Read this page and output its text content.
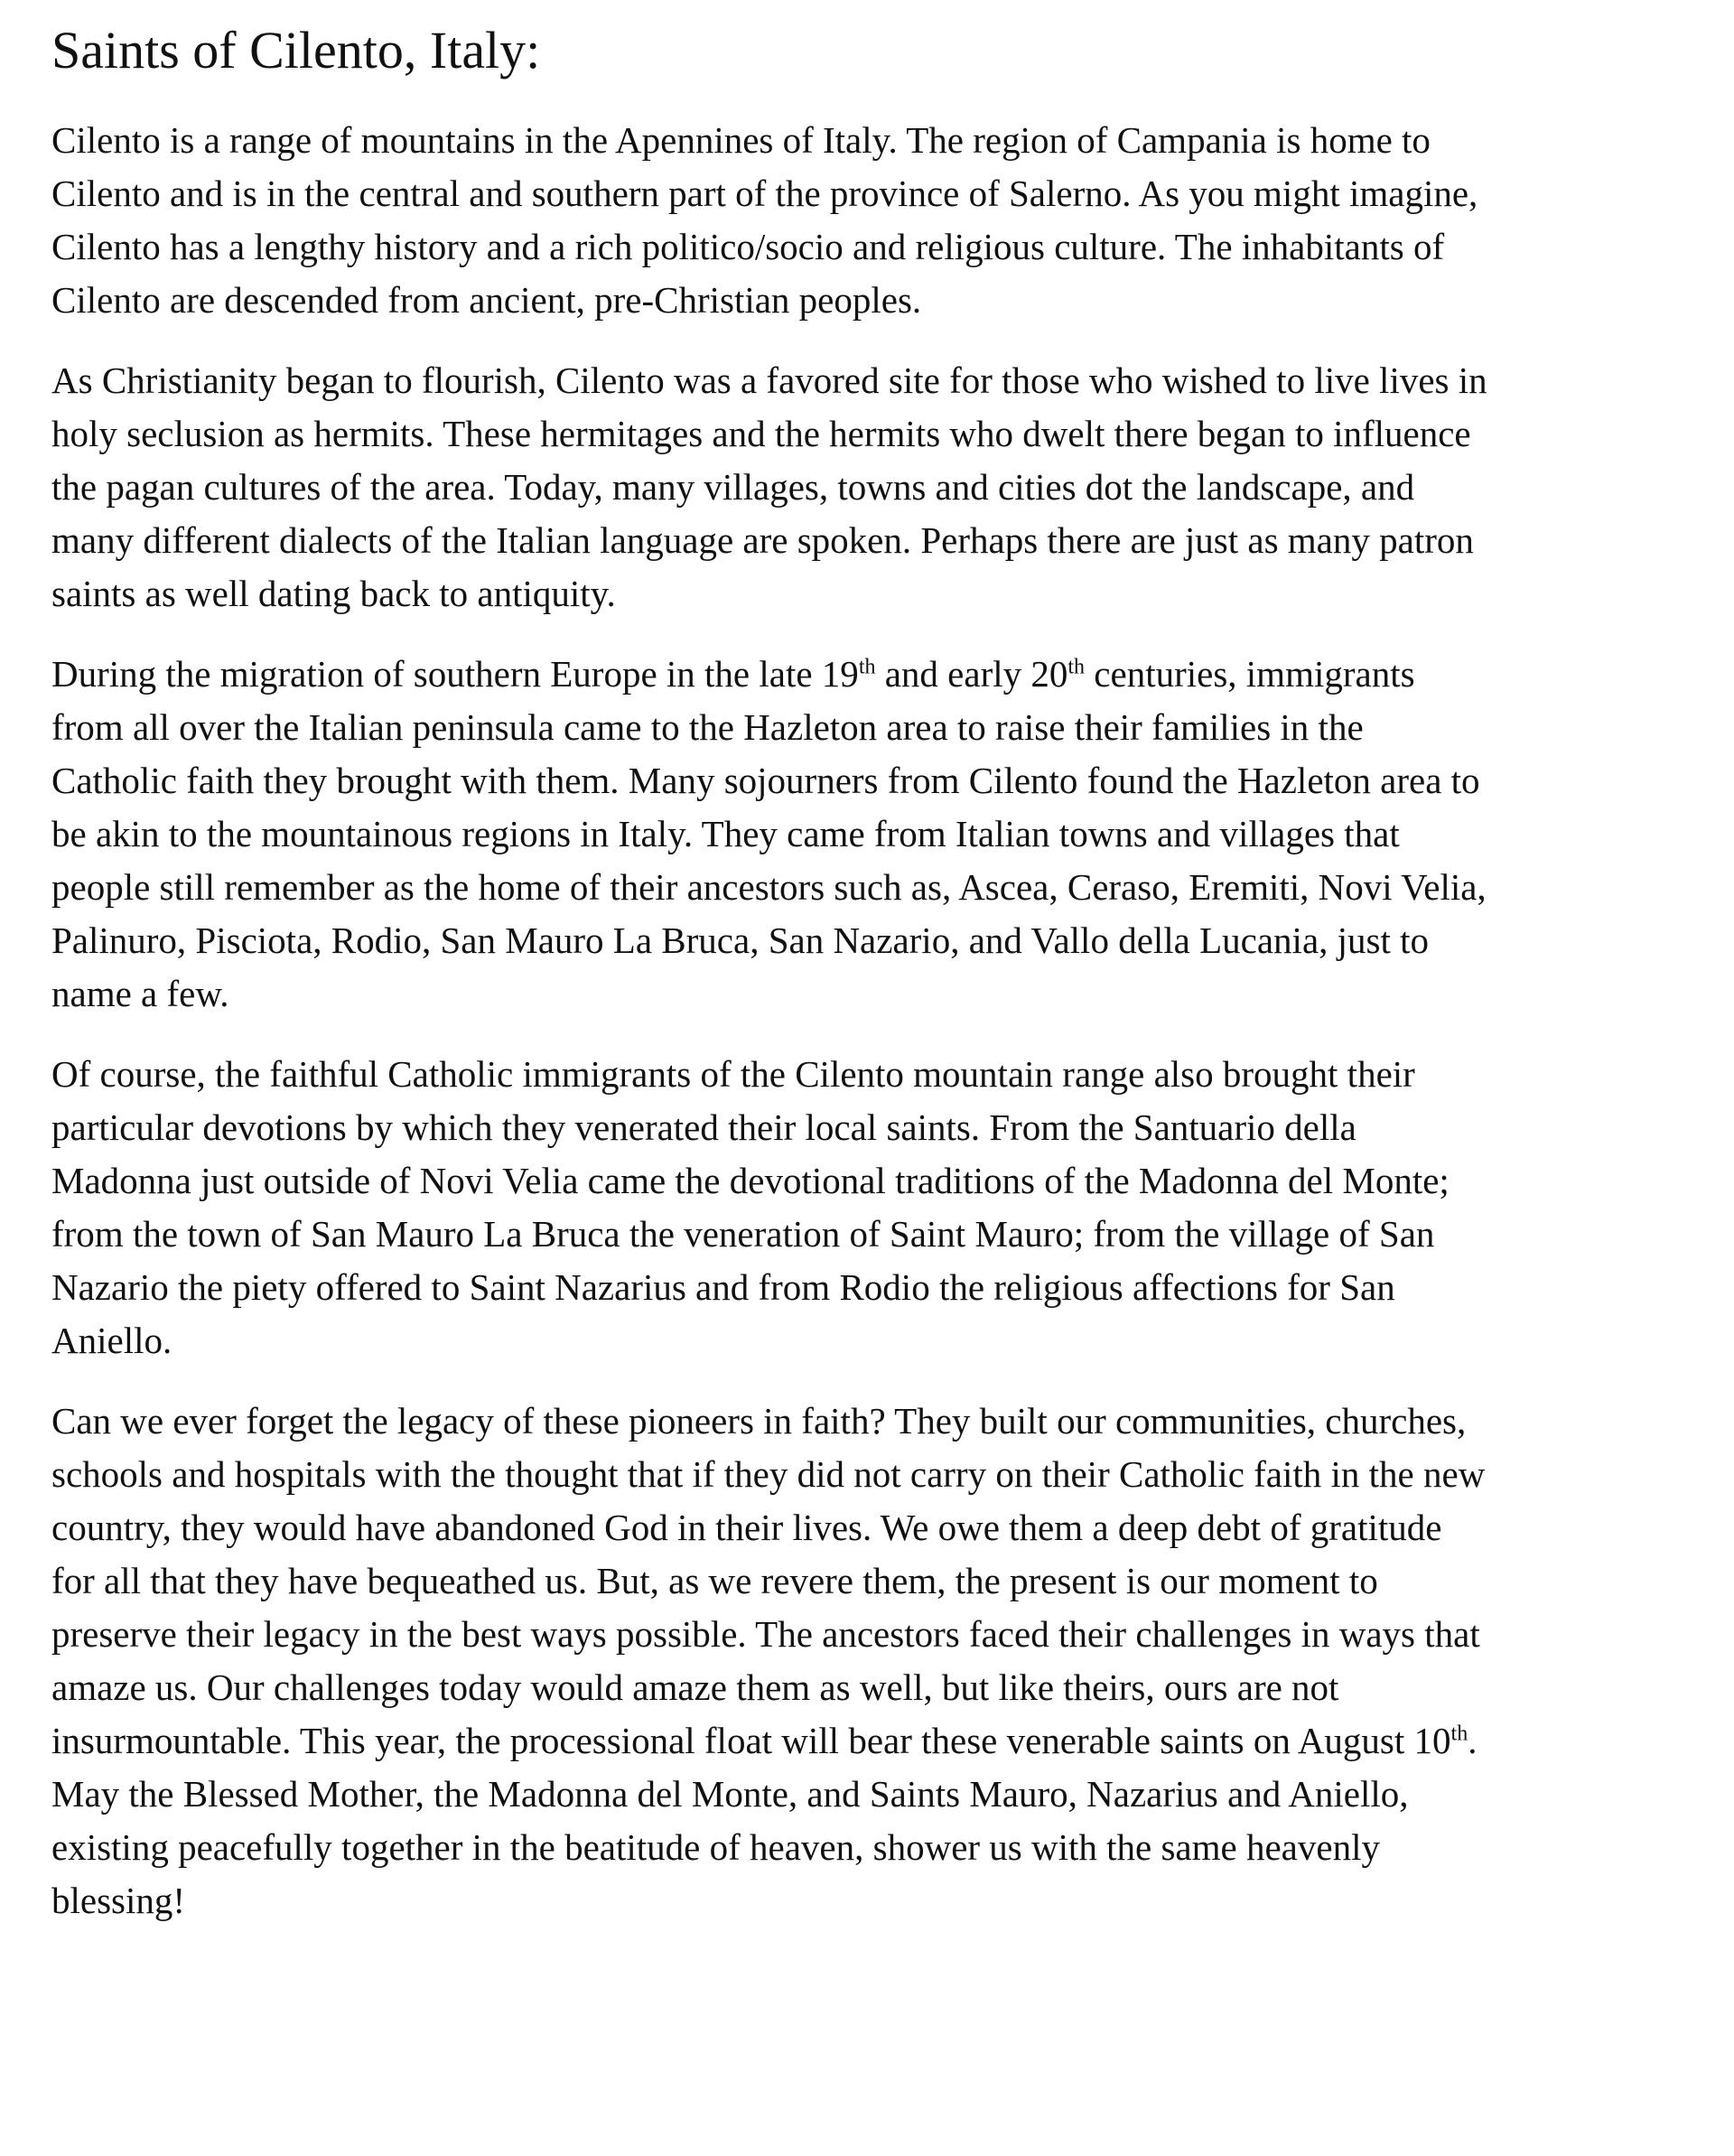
Saints of Cilento, Italy:
Cilento is a range of mountains in the Apennines of Italy. The region of Campania is home to
Cilento and is in the central and southern part of the province of Salerno. As you might imagine,
Cilento has a lengthy history and a rich politico/socio and religious culture. The inhabitants of
Cilento are descended from ancient, pre-Christian peoples.
As Christianity began to flourish, Cilento was a favored site for those who wished to live lives in
holy seclusion as hermits. These hermitages and the hermits who dwelt there began to influence
the pagan cultures of the area. Today, many villages, towns and cities dot the landscape, and
many different dialects of the Italian language are spoken. Perhaps there are just as many patron
saints as well dating back to antiquity.
During the migration of southern Europe in the late 19th and early 20th centuries, immigrants
from all over the Italian peninsula came to the Hazleton area to raise their families in the
Catholic faith they brought with them. Many sojourners from Cilento found the Hazleton area to
be akin to the mountainous regions in Italy. They came from Italian towns and villages that
people still remember as the home of their ancestors such as, Ascea, Ceraso, Eremiti, Novi Velia,
Palinuro, Pisciota, Rodio, San Mauro La Bruca, San Nazario, and Vallo della Lucania, just to
name a few.
Of course, the faithful Catholic immigrants of the Cilento mountain range also brought their
particular devotions by which they venerated their local saints. From the Santuario della
Madonna just outside of Novi Velia came the devotional traditions of the Madonna del Monte;
from the town of San Mauro La Bruca the veneration of Saint Mauro; from the village of San
Nazario the piety offered to Saint Nazarius and from Rodio the religious affections for San
Aniello.
Can we ever forget the legacy of these pioneers in faith? They built our communities, churches,
schools and hospitals with the thought that if they did not carry on their Catholic faith in the new
country, they would have abandoned God in their lives. We owe them a deep debt of gratitude
for all that they have bequeathed us. But, as we revere them, the present is our moment to
preserve their legacy in the best ways possible. The ancestors faced their challenges in ways that
amaze us. Our challenges today would amaze them as well, but like theirs, ours are not
insurmountable. This year, the processional float will bear these venerable saints on August 10th.
May the Blessed Mother, the Madonna del Monte, and Saints Mauro, Nazarius and Aniello,
existing peacefully together in the beatitude of heaven, shower us with the same heavenly
blessing!
